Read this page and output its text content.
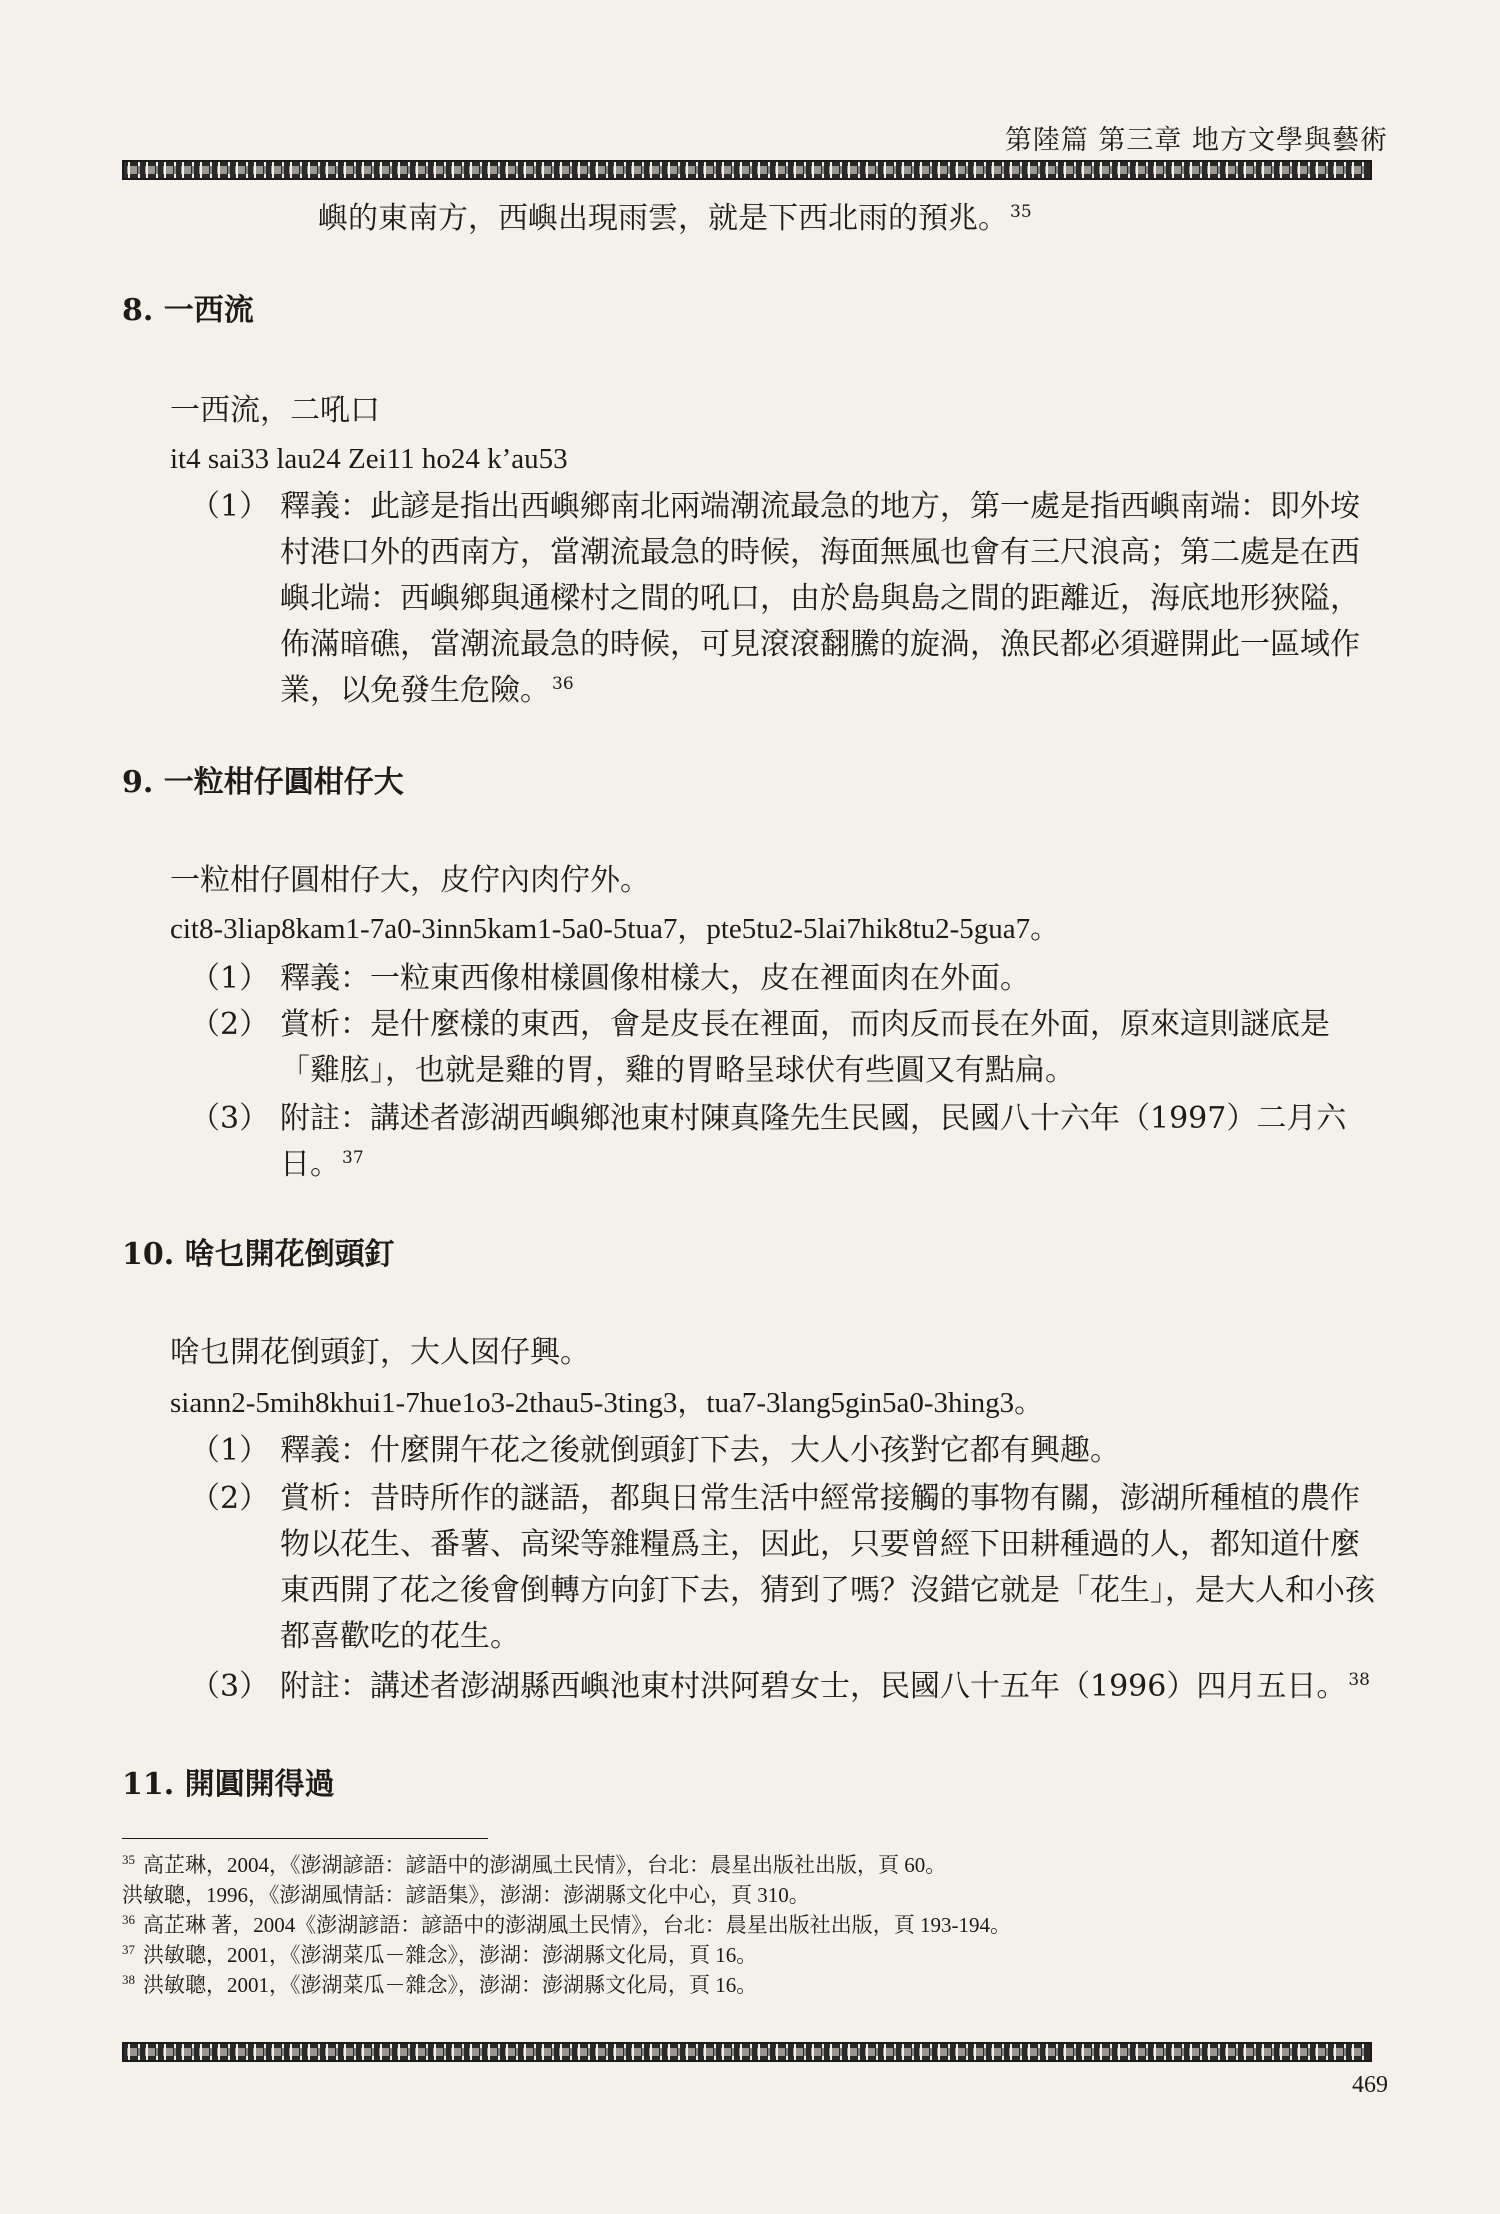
第陸篇 第三章 地方文學與藝術
嶼的東南方，西嶼出現雨雲，就是下西北雨的預兆。 $^{35}$
8. 一西流
一西流，二吼口
it4 sai33 lau24 Zei11 ho24 k’au53
（1） 釋義：此諺是指出西嶼鄉南北兩端潮流最急的地方，第一處是指西嶼南端：即外垵村港口外的西南方，當潮流最急的時候，海面無風也會有三尺浪高；第二處是在西嶼北端：西嶼鄉與通樑村之間的吼口，由於島與島之間的距離近，海底地形狹隘，佈滿暗礁，當潮流最急的時候，可見滾滾翻騰的旋渦，漁民都必須避開此一區域作業，以免發生危險。 $^{36}$
9. 一粒柑仔圓柑仔大
一粒柑仔圓柑仔大，皮佇內肉佇外。
cit8-3liap8kam1-7a0-3inn5kam1-5a0-5tua7，pte5tu2-5lai7hik8tu2-5gua7。
（1） 釋義：一粒東西像柑樣圓像柑樣大，皮在裡面肉在外面。
（2） 賞析：是什麼樣的東西，會是皮長在裡面，而肉反而長在外面，原來這則謎底是「雞胘」，也就是雞的胃，雞的胃略呈球伏有些圓又有點扁。
（3） 附註：講述者澎湖西嶼鄉池東村陳真隆先生民國，民國八十六年（1997）二月六日。 $^{37}$
10. 啥乜開花倒頭釘
啥乜開花倒頭釘，大人囡仔興。
siann2-5mih8khui1-7hue1o3-2thau5-3ting3，tua7-3lang5gin5a0-3hing3。
（1） 釋義：什麼開午花之後就倒頭釘下去，大人小孩對它都有興趣。
（2） 賞析：昔時所作的謎語，都與日常生活中經常接觸的事物有關，澎湖所種植的農作物以花生、番薯、高梁等雜糧爲主，因此，只要曾經下田耕種過的人，都知道什麼東西開了花之後會倒轉方向釘下去，猜到了嗎？沒錯它就是「花生」，是大人和小孩都喜歡吃的花生。
（3） 附註：講述者澎湖縣西嶼池東村洪阿碧女士，民國八十五年（1996）四月五日。 $^{38}$
11. 開圓開得過
$^{35}$ 高芷琳，2004，《澎湖諺語：諺語中的澎湖風土民情》，台北：晨星出版社出版，頁 60。
洪敏聰，1996，《澎湖風情話：諺語集》，澎湖：澎湖縣文化中心，頁 310。
$^{36}$ 高芷琳 著，2004《澎湖諺語：諺語中的澎湖風土民情》，台北：晨星出版社出版，頁 193-194。
$^{37}$ 洪敏聰，2001，《澎湖菜瓜－雜念》，澎湖：澎湖縣文化局，頁 16。
$^{38}$ 洪敏聰，2001，《澎湖菜瓜－雜念》，澎湖：澎湖縣文化局，頁 16。
469
